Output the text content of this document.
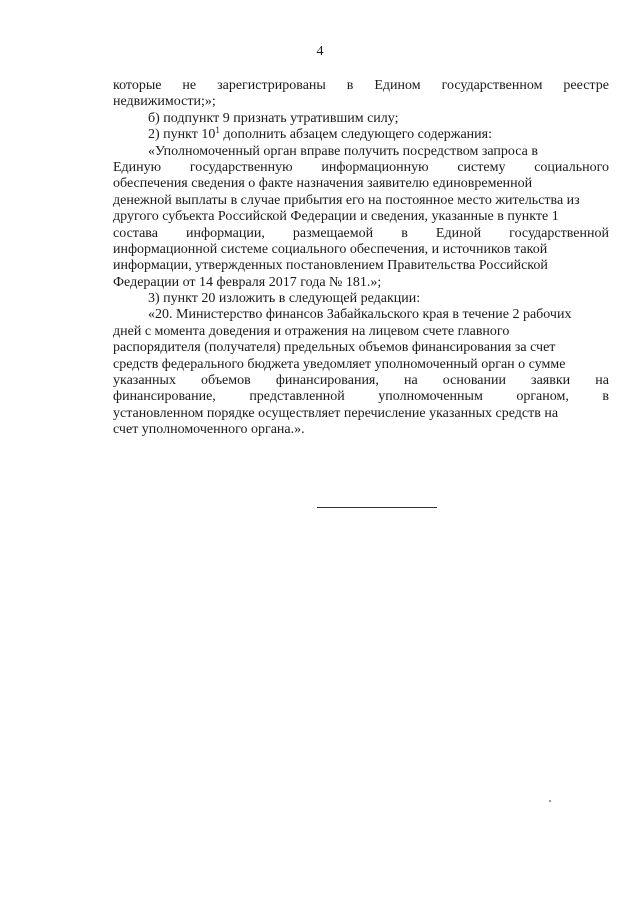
4
которые не зарегистрированы в Едином государственном реестре
недвижимости;»;
б) подпункт 9 признать утратившим силу;
2) пункт $10^1$ дополнить абзацем следующего содержания:
«Уполномоченный орган вправе получить посредством запроса в
Единую государственную информационную систему социального
обеспечения сведения о факте назначения заявителю единовременной
денежной выплаты в случае прибытия его на постоянное место жительства из
другого субъекта Российской Федерации и сведения, указанные в пункте 1
состава информации, размещаемой в Единой государственной
информационной системе социального обеспечения, и источников такой
информации, утвержденных постановлением Правительства Российской
Федерации от 14 февраля 2017 года № 181.»;
3) пункт 20 изложить в следующей редакции:
«20. Министерство финансов Забайкальского края в течение 2 рабочих
дней с момента доведения и отражения на лицевом счете главного
распорядителя (получателя) предельных объемов финансирования за счет
средств федерального бюджета уведомляет уполномоченный орган о сумме
указанных объемов финансирования, на основании заявки на
финансирование, представленной уполномоченным органом, в
установленном порядке осуществляет перечисление указанных средств на
счет уполномоченного органа.».
